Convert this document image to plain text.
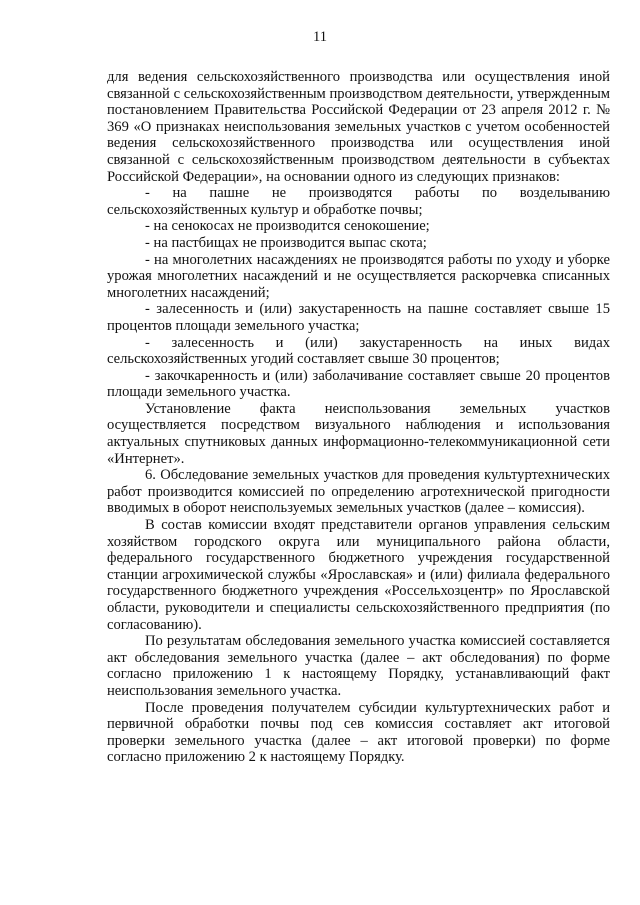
11

для ведения сельскохозяйственного производства или осуществления иной связанной с сельскохозяйственным производством деятельности, утвержденным постановлением Правительства Российской Федерации от 23 апреля 2012 г. № 369 «О признаках неиспользования земельных участков с учетом особенностей ведения сельскохозяйственного производства или осуществления иной связанной с сельскохозяйственным производством деятельности в субъектах Российской Федерации», на основании одного из следующих признаков:

- на пашне не производятся работы по возделыванию сельскохозяйственных культур и обработке почвы;

- на сенокосах не производится сенокошение;

- на пастбищах не производится выпас скота;

- на многолетних насаждениях не производятся работы по уходу и уборке урожая многолетних насаждений и не осуществляется раскорчевка списанных многолетних насаждений;

- залесенность и (или) закустаренность на пашне составляет свыше 15 процентов площади земельного участка;

- залесенность и (или) закустаренность на иных видах сельскохозяйственных угодий составляет свыше 30 процентов;

- закочкаренность и (или) заболачивание составляет свыше 20 процентов площади земельного участка.

Установление факта неиспользования земельных участков осуществляется посредством визуального наблюдения и использования актуальных спутниковых данных информационно-телекоммуникационной сети «Интернет».

6. Обследование земельных участков для проведения культуртехнических работ производится комиссией по определению агротехнической пригодности вводимых в оборот неиспользуемых земельных участков (далее – комиссия).

В состав комиссии входят представители органов управления сельским хозяйством городского округа или муниципального района области, федерального государственного бюджетного учреждения государственной станции агрохимической службы «Ярославская» и (или) филиала федерального государственного бюджетного учреждения «Россельхозцентр» по Ярославской области, руководители и специалисты сельскохозяйственного предприятия (по согласованию).

По результатам обследования земельного участка комиссией составляется акт обследования земельного участка (далее – акт обследования) по форме согласно приложению 1 к настоящему Порядку, устанавливающий факт неиспользования земельного участка.

После проведения получателем субсидии культуртехнических работ и первичной обработки почвы под сев комиссия составляет акт итоговой проверки земельного участка (далее – акт итоговой проверки) по форме согласно приложению 2 к настоящему Порядку.
